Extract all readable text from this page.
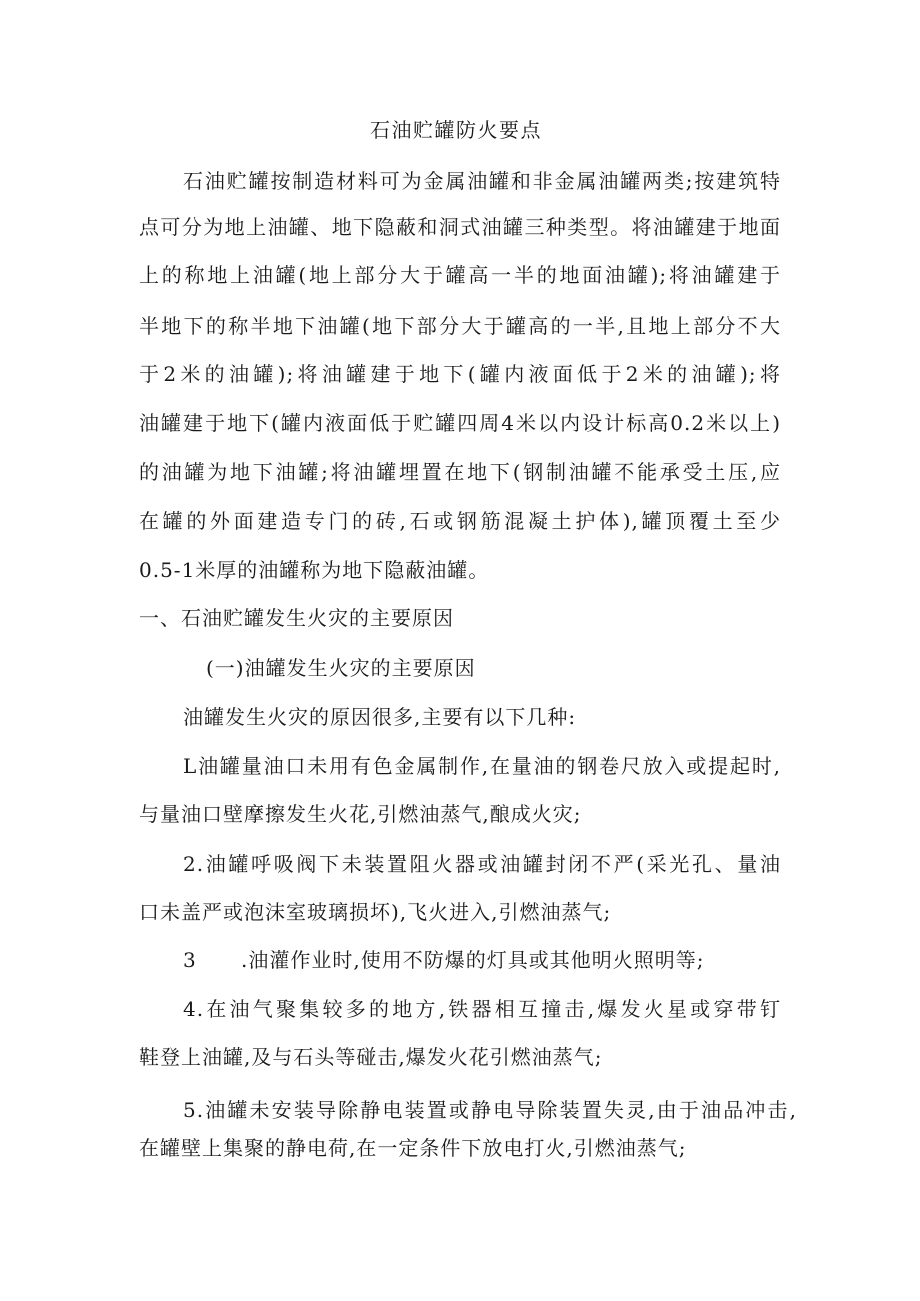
石油贮罐防火要点
石油贮罐按制造材料可为金属油罐和非金属油罐两类;按建筑特
点可分为地上油罐、地下隐蔽和洞式油罐三种类型。将油罐建于地面
上的称地上油罐(地上部分大于罐高一半的地面油罐);将油罐建于
半地下的称半地下油罐(地下部分大于罐高的一半,且地上部分不大
于2米的油罐);将油罐建于地下(罐内液面低于2米的油罐);将
油罐建于地下(罐内液面低于贮罐四周4米以内设计标高0.2米以上)
的油罐为地下油罐;将油罐埋置在地下(钢制油罐不能承受土压,应
在罐的外面建造专门的砖,石或钢筋混凝土护体),罐顶覆土至少
0.5-1米厚的油罐称为地下隐蔽油罐。
一、石油贮罐发生火灾的主要原因
(一)油罐发生火灾的主要原因
油罐发生火灾的原因很多,主要有以下几种:
L油罐量油口未用有色金属制作,在量油的钢卷尺放入或提起时,
与量油口壁摩擦发生火花,引燃油蒸气,酿成火灾;
2.油罐呼吸阀下未装置阻火器或油罐封闭不严(采光孔、量油
口未盖严或泡沫室玻璃损坏),飞火进入,引燃油蒸气;
3 .油灌作业时,使用不防爆的灯具或其他明火照明等;
4.在油气聚集较多的地方,铁器相互撞击,爆发火星或穿带钉
鞋登上油罐,及与石头等碰击,爆发火花引燃油蒸气;
5.油罐未安装导除静电装置或静电导除装置失灵,由于油品冲击,
在罐壁上集聚的静电荷,在一定条件下放电打火,引燃油蒸气;
